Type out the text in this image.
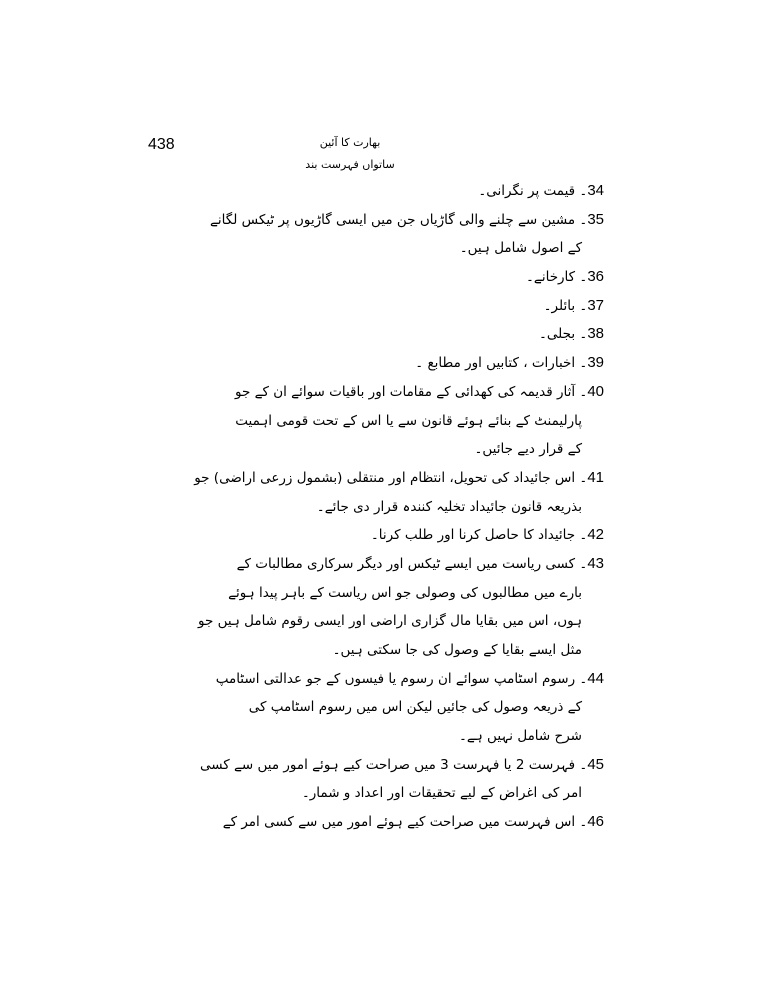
438	بھارت کا آئین
ساتواں فہرست بند
34۔ قیمت پر نگرانی۔
35۔ مشین سے چلنے والی گاڑیاں جن میں ایسی گاڑیوں پر ٹیکس لگانے
کے اصول شامل ہیں۔
36۔ کارخانے۔
37۔ بائلر۔
38۔ بجلی۔
39۔ اخبارات ، کتابیں اور مطابع ۔
40۔ آثار قدیمہ کی کھدائی کے مقامات اور باقیات سوائے ان کے جو
پارلیمنٹ کے بنائے ہوئے قانون سے یا اس کے تحت قومی اہمیت
کے قرار دیے جائیں۔
41۔ اس جائیداد کی تحویل، انتظام اور منتقلی (بشمول زرعی اراضی) جو
بذریعہ قانون جائیداد تخلیہ کنندہ قرار دی جائے۔
42۔ جائیداد کا حاصل کرنا اور طلب کرنا۔
43۔ کسی ریاست میں ایسے ٹیکس اور دیگر سرکاری مطالبات کے
بارے میں مطالبوں کی وصولی جو اس ریاست کے باہر پیدا ہوئے
ہوں، اس میں بقایا مال گزاری اراضی اور ایسی رقوم شامل ہیں جو
مثل ایسے بقایا کے وصول کی جا سکتی ہیں۔
44۔ رسوم اسٹامپ سوائے ان رسوم یا فیسوں کے جو عدالتی اسٹامپ
کے ذریعہ وصول کی جائیں لیکن اس میں رسوم اسٹامپ کی
شرح شامل نہیں ہے۔
45۔ فہرست 2 یا فہرست 3 میں صراحت کیے ہوئے امور میں سے کسی
امر کی اغراض کے لیے تحقیقات اور اعداد و شمار۔
46۔ اس فہرست میں صراحت کیے ہوئے امور میں سے کسی امر کے
